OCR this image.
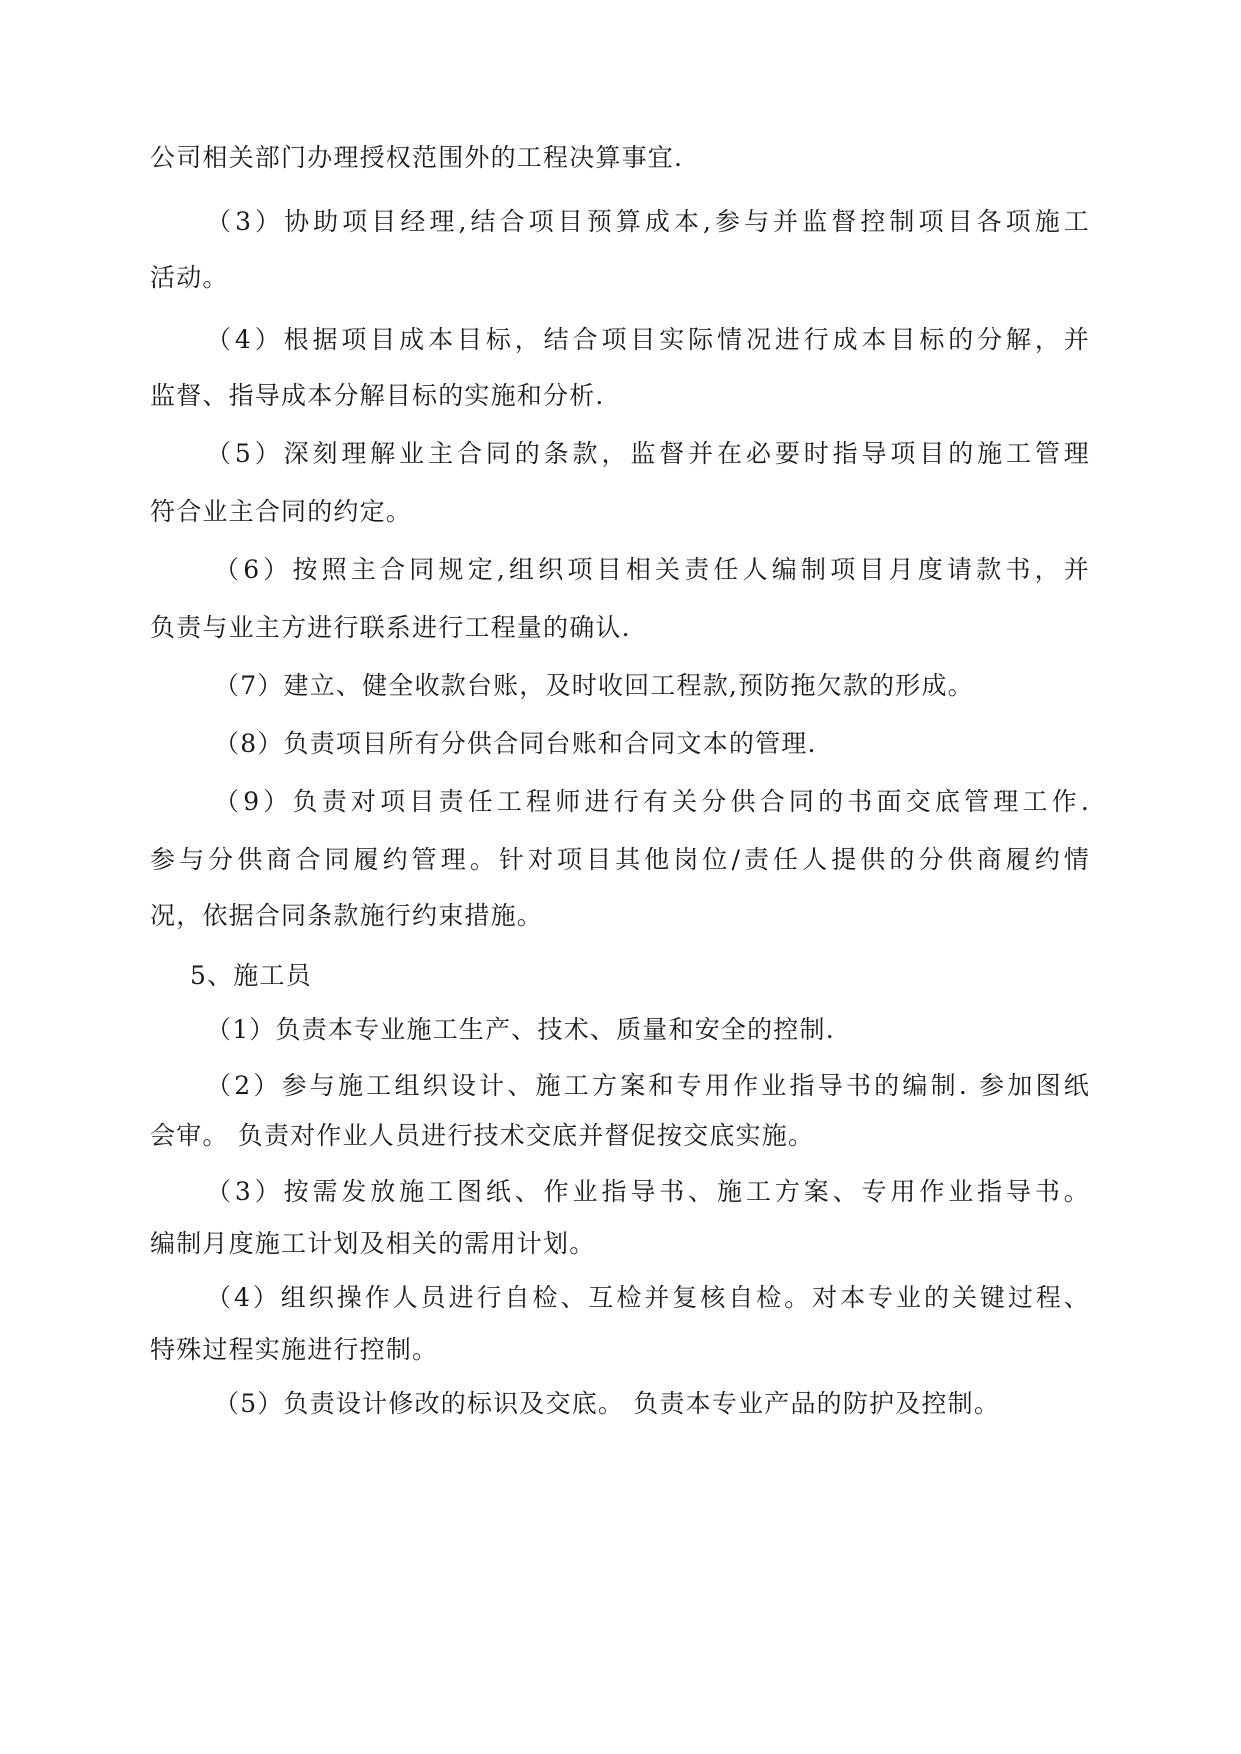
公司相关部门办理授权范围外的工程决算事宜.
（3）协助项目经理,结合项目预算成本,参与并监督控制项目各项施工
活动。
（4）根据项目成本目标，结合项目实际情况进行成本目标的分解，并
监督、指导成本分解目标的实施和分析.
（5）深刻理解业主合同的条款，监督并在必要时指导项目的施工管理
符合业主合同的约定。
（6）按照主合同规定,组织项目相关责任人编制项目月度请款书，并
负责与业主方进行联系进行工程量的确认.
（7）建立、健全收款台账，及时收回工程款,预防拖欠款的形成。
（8）负责项目所有分供合同台账和合同文本的管理.
（9）负责对项目责任工程师进行有关分供合同的书面交底管理工作.
参与分供商合同履约管理。针对项目其他岗位/责任人提供的分供商履约情
况，依据合同条款施行约束措施。
5、施工员
（1）负责本专业施工生产、技术、质量和安全的控制.
（2）参与施工组织设计、施工方案和专用作业指导书的编制. 参加图纸
会审。 负责对作业人员进行技术交底并督促按交底实施。
（3）按需发放施工图纸、作业指导书、施工方案、专用作业指导书。
编制月度施工计划及相关的需用计划。
（4）组织操作人员进行自检、互检并复核自检。对本专业的关键过程、
特殊过程实施进行控制。
（5）负责设计修改的标识及交底。 负责本专业产品的防护及控制。
